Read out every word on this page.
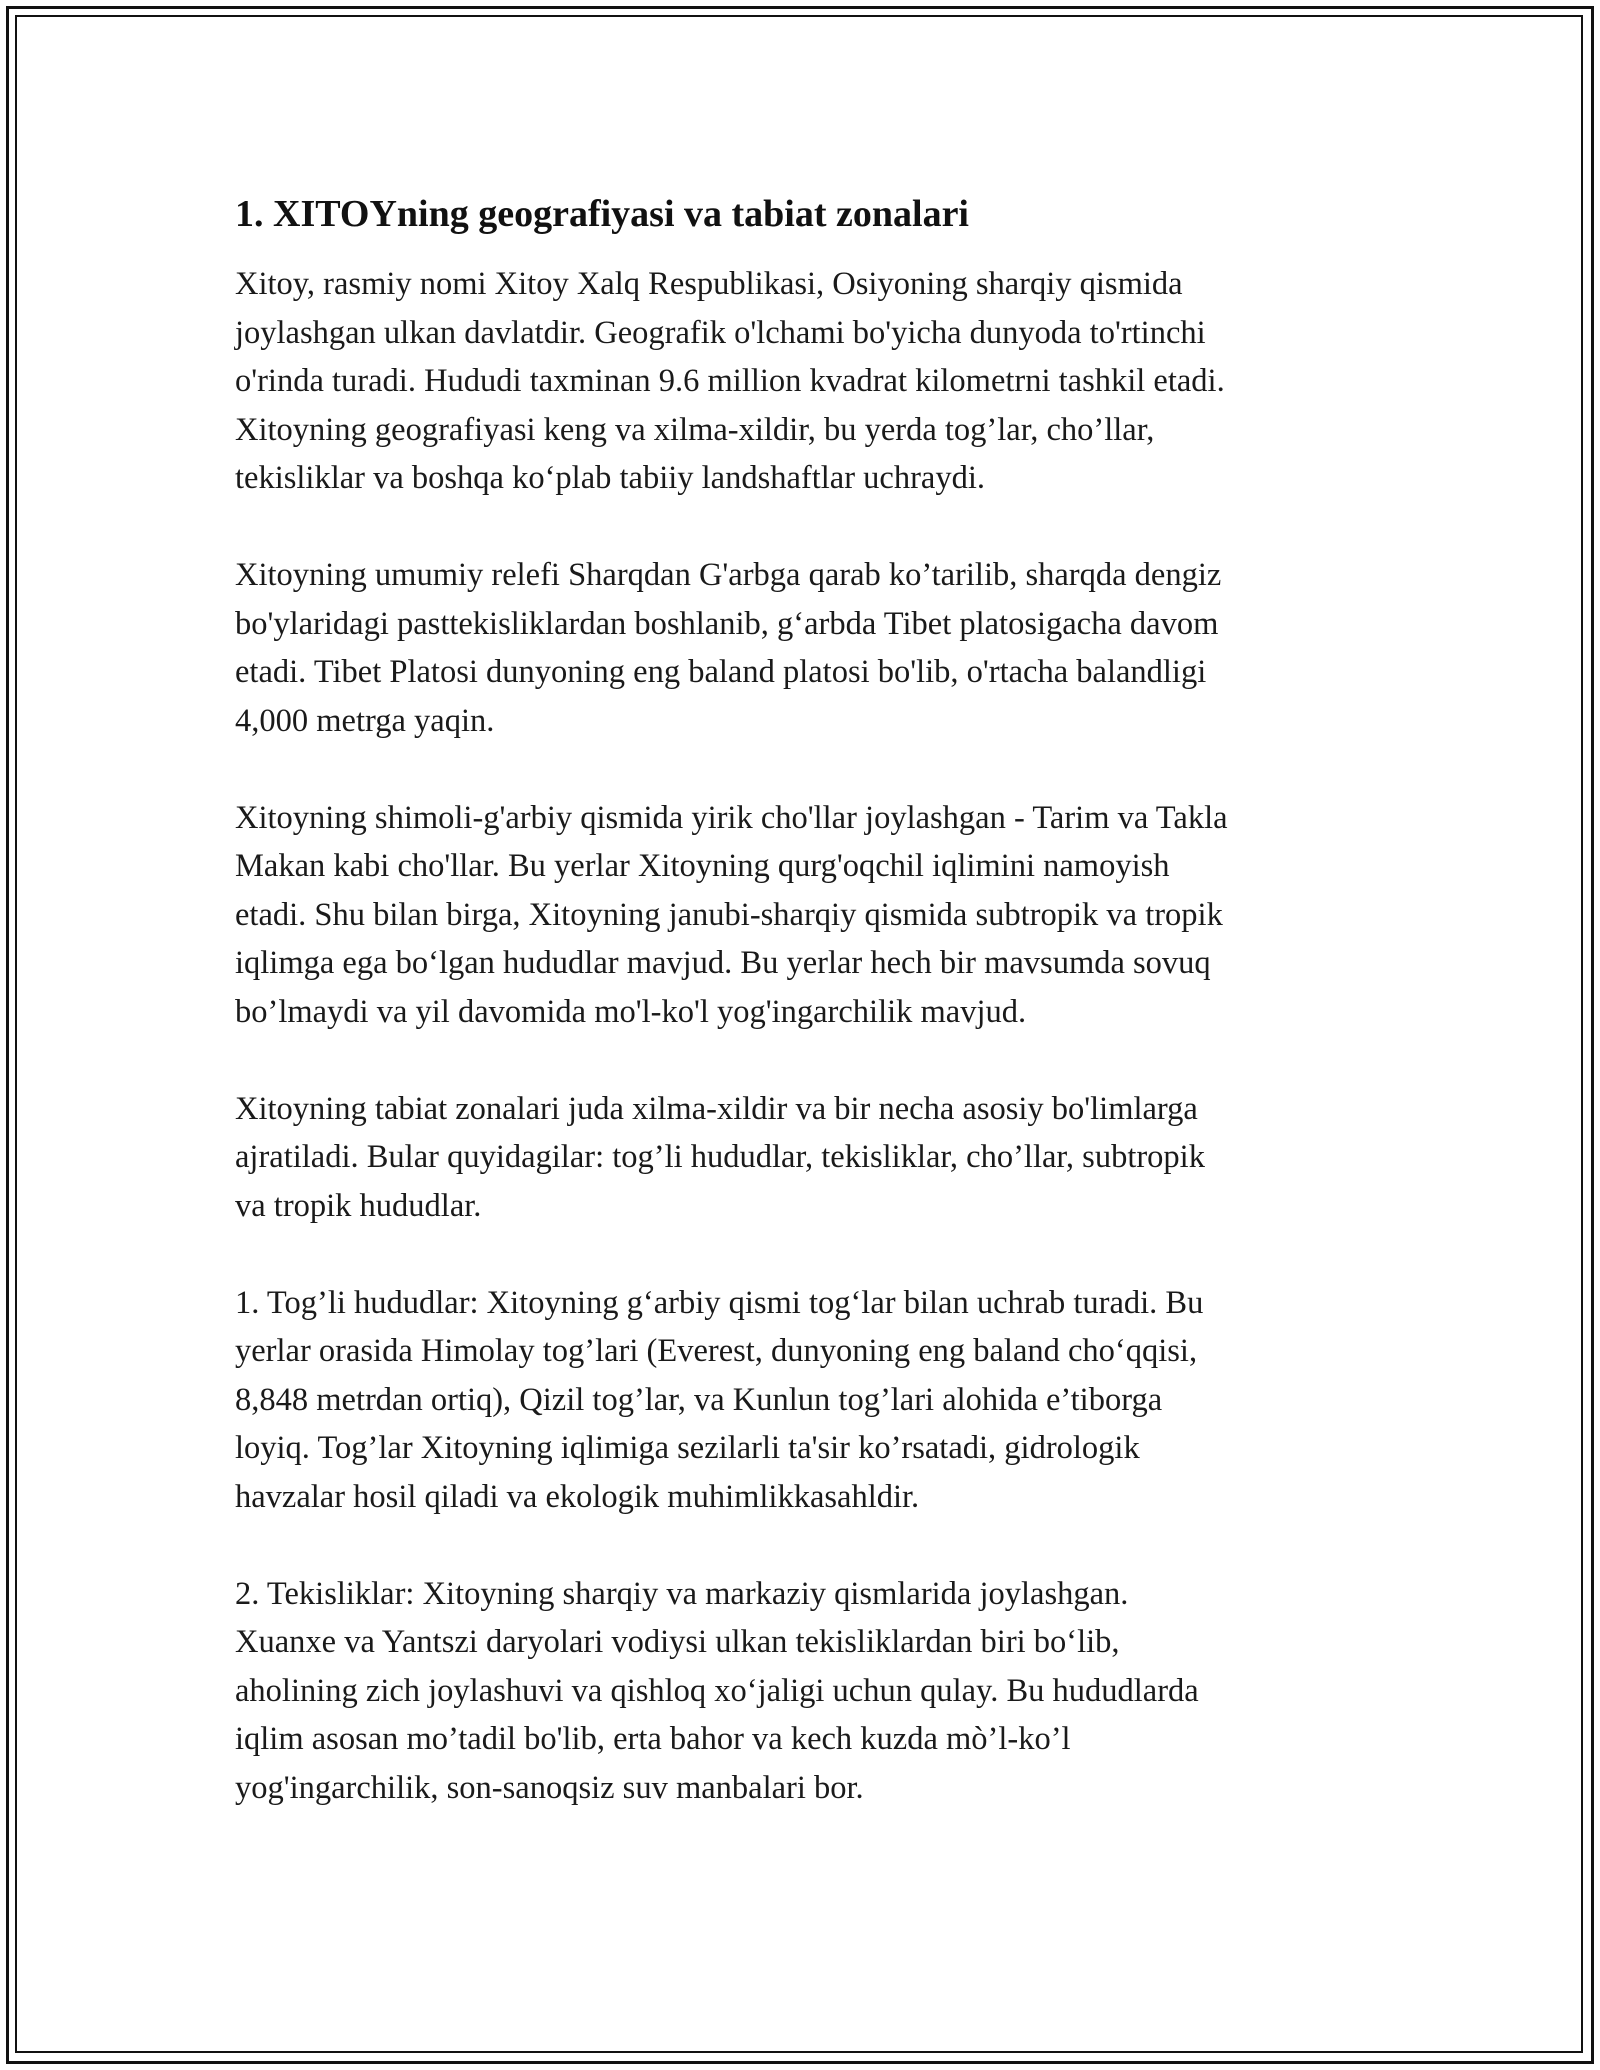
1. XITOYning geografiyasi va tabiat zonalari
Xitoy, rasmiy nomi Xitoy Xalq Respublikasi, Osiyoning sharqiy qismida
joylashgan ulkan davlatdir. Geografik o'lchami bo'yicha dunyoda to'rtinchi
o'rinda turadi. Hududi taxminan 9.6 million kvadrat kilometrni tashkil etadi.
Xitoyning geografiyasi keng va xilma-xildir, bu yerda tog’lar, cho’llar,
tekisliklar va boshqa ko‘plab tabiiy landshaftlar uchraydi.
Xitoyning umumiy relefi Sharqdan G'arbga qarab ko’tarilib, sharqda dengiz
bo'ylaridagi pasttekisliklardan boshlanib, g‘arbda Tibet platosigacha davom
etadi. Tibet Platosi dunyoning eng baland platosi bo'lib, o'rtacha balandligi
4,000 metrga yaqin.
Xitoyning shimoli-g'arbiy qismida yirik cho'llar joylashgan - Tarim va Takla
Makan kabi cho'llar. Bu yerlar Xitoyning qurg'oqchil iqlimini namoyish
etadi. Shu bilan birga, Xitoyning janubi-sharqiy qismida subtropik va tropik
iqlimga ega bo‘lgan hududlar mavjud. Bu yerlar hech bir mavsumda sovuq
bo’lmaydi va yil davomida mo'l-ko'l yog'ingarchilik mavjud.
Xitoyning tabiat zonalari juda xilma-xildir va bir necha asosiy bo'limlarga
ajratiladi. Bular quyidagilar: tog’li hududlar, tekisliklar, cho’llar, subtropik
va tropik hududlar.
1. Tog’li hududlar: Xitoyning g‘arbiy qismi tog‘lar bilan uchrab turadi. Bu
yerlar orasida Himolay tog’lari (Everest, dunyoning eng baland cho‘qqisi,
8,848 metrdan ortiq), Qizil tog’lar, va Kunlun tog’lari alohida e’tiborga
loyiq. Tog’lar Xitoyning iqlimiga sezilarli ta'sir ko’rsatadi, gidrologik
havzalar hosil qiladi va ekologik muhimlikkasahldir.
2. Tekisliklar: Xitoyning sharqiy va markaziy qismlarida joylashgan.
Xuanxe va Yantszi daryolari vodiysi ulkan tekisliklardan biri bo‘lib,
aholining zich joylashuvi va qishloq xo‘jaligi uchun qulay. Bu hududlarda
iqlim asosan mo’tadil bo'lib, erta bahor va kech kuzda mò’l-ko’l
yog'ingarchilik, son-sanoqsiz suv manbalari bor.
